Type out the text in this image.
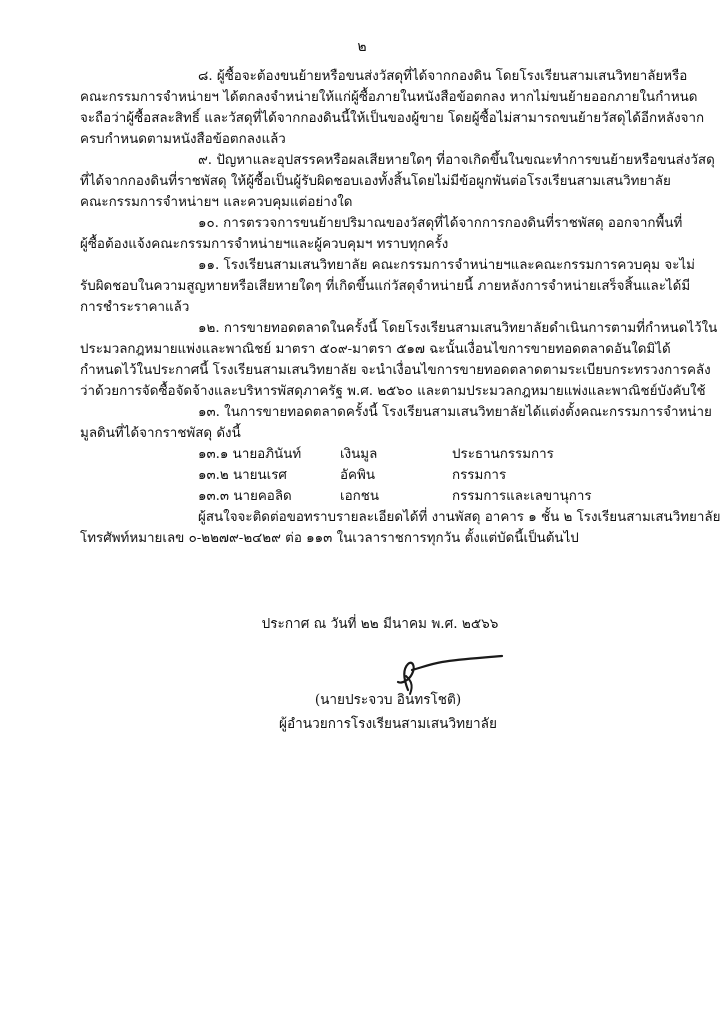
๒
๘. ผู้ซื้อจะต้องขนย้ายหรือขนส่งวัสดุที่ได้จากกองดิน โดยโรงเรียนสามเสนวิทยาลัยหรือ
คณะกรรมการจำหน่ายฯ ได้ตกลงจำหน่ายให้แก่ผู้ซื้อภายในหนังสือข้อตกลง หากไม่ขนย้ายออกภายในกำหนด
จะถือว่าผู้ซื้อสละสิทธิ์ และวัสดุที่ได้จากกองดินนี้ให้เป็นของผู้ขาย โดยผู้ซื้อไม่สามารถขนย้ายวัสดุได้อีกหลังจาก
ครบกำหนดตามหนังสือข้อตกลงแล้ว
๙. ปัญหาและอุปสรรคหรือผลเสียหายใดๆ ที่อาจเกิดขึ้นในขณะทำการขนย้ายหรือขนส่งวัสดุ
ที่ได้จากกองดินที่ราชพัสดุ ให้ผู้ซื้อเป็นผู้รับผิดชอบเองทั้งสิ้นโดยไม่มีข้อผูกพันต่อโรงเรียนสามเสนวิทยาลัย
คณะกรรมการจำหน่ายฯ และควบคุมแต่อย่างใด
๑๐. การตรวจการขนย้ายปริมาณของวัสดุที่ได้จากการกองดินที่ราชพัสดุ ออกจากพื้นที่
ผู้ซื้อต้องแจ้งคณะกรรมการจำหน่ายฯและผู้ควบคุมฯ ทราบทุกครั้ง
๑๑. โรงเรียนสามเสนวิทยาลัย คณะกรรมการจำหน่ายฯและคณะกรรมการควบคุม จะไม่
รับผิดชอบในความสูญหายหรือเสียหายใดๆ ที่เกิดขึ้นแก่วัสดุจำหน่ายนี้ ภายหลังการจำหน่ายเสร็จสิ้นและได้มี
การชำระราคาแล้ว
๑๒. การขายทอดตลาดในครั้งนี้ โดยโรงเรียนสามเสนวิทยาลัยดำเนินการตามที่กำหนดไว้ใน
ประมวลกฎหมายแพ่งและพาณิชย์ มาตรา ๕๐๙-มาตรา ๕๑๗ ฉะนั้นเงื่อนไขการขายทอดตลาดอันใดมิได้
กำหนดไว้ในประกาศนี้ โรงเรียนสามเสนวิทยาลัย จะนำเงื่อนไขการขายทอดตลาดตามระเบียบกระทรวงการคลัง
ว่าด้วยการจัดซื้อจัดจ้างและบริหารพัสดุภาครัฐ พ.ศ. ๒๕๖๐ และตามประมวลกฎหมายแพ่งและพาณิชย์บังคับใช้
๑๓. ในการขายทอดตลาดครั้งนี้ โรงเรียนสามเสนวิทยาลัยได้แต่งตั้งคณะกรรมการจำหน่าย
มูลดินที่ได้จากราชพัสดุ ดังนี้
๑๓.๑ นายอภินันท์	เงินมูล	ประธานกรรมการ
๑๓.๒ นายนเรศ	อัคพิน	กรรมการ
๑๓.๓ นายคอลิด	เอกชน	กรรมการและเลขานุการ
ผู้สนใจจะติดต่อขอทราบรายละเอียดได้ที่ งานพัสดุ อาคาร ๑ ชั้น ๒ โรงเรียนสามเสนวิทยาลัย
โทรศัพท์หมายเลข ๐-๒๒๗๙-๒๔๒๙ ต่อ ๑๑๓ ในเวลาราชการทุกวัน ตั้งแต่บัดนี้เป็นต้นไป
ประกาศ ณ วันที่ ๒๒ มีนาคม พ.ศ. ๒๕๖๖
(นายประจวบ อินทรโชติ)
ผู้อำนวยการโรงเรียนสามเสนวิทยาลัย
